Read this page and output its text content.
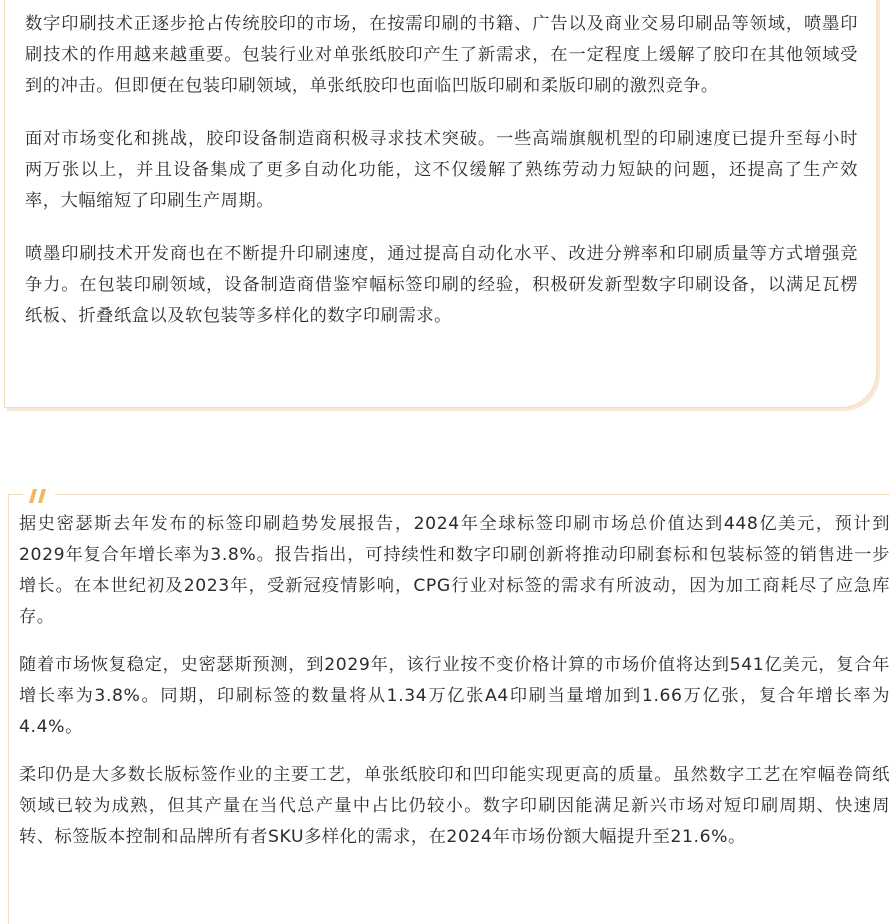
数字印刷技术正逐步抢占传统胶印的市场，在按需印刷的书籍、广告以及商业交易印刷品等领域，喷墨印刷技术的作用越来越重要。包装行业对单张纸胶印产生了新需求，在一定程度上缓解了胶印在其他领域受到的冲击。但即便在包装印刷领域，单张纸胶印也面临凹版印刷和柔版印刷的激烈竞争。

面对市场变化和挑战，胶印设备制造商积极寻求技术突破。一些高端旗舰机型的印刷速度已提升至每小时两万张以上，并且设备集成了更多自动化功能，这不仅缓解了熟练劳动力短缺的问题，还提高了生产效率，大幅缩短了印刷生产周期。

喷墨印刷技术开发商也在不断提升印刷速度，通过提高自动化水平、改进分辨率和印刷质量等方式增强竞争力。在包装印刷领域，设备制造商借鉴窄幅标签印刷的经验，积极研发新型数字印刷设备，以满足瓦楞纸板、折叠纸盒以及软包装等多样化的数字印刷需求。

据史密瑟斯去年发布的标签印刷趋势发展报告，2024年全球标签印刷市场总价值达到448亿美元，预计到2029年复合年增长率为3.8%。报告指出，可持续性和数字印刷创新将推动印刷套标和包装标签的销售进一步增长。在本世纪初及2023年，受新冠疫情影响，CPG行业对标签的需求有所波动，因为加工商耗尽了应急库存。

随着市场恢复稳定，史密瑟斯预测，到2029年，该行业按不变价格计算的市场价值将达到541亿美元，复合年增长率为3.8%。同期，印刷标签的数量将从1.34万亿张A4印刷当量增加到1.66万亿张，复合年增长率为4.4%。

柔印仍是大多数长版标签作业的主要工艺，单张纸胶印和凹印能实现更高的质量。虽然数字工艺在窄幅卷筒纸领域已较为成熟，但其产量在当代总产量中占比仍较小。数字印刷因能满足新兴市场对短印刷周期、快速周转、标签版本控制和品牌所有者SKU多样化的需求，在2024年市场份额大幅提升至21.6%。
